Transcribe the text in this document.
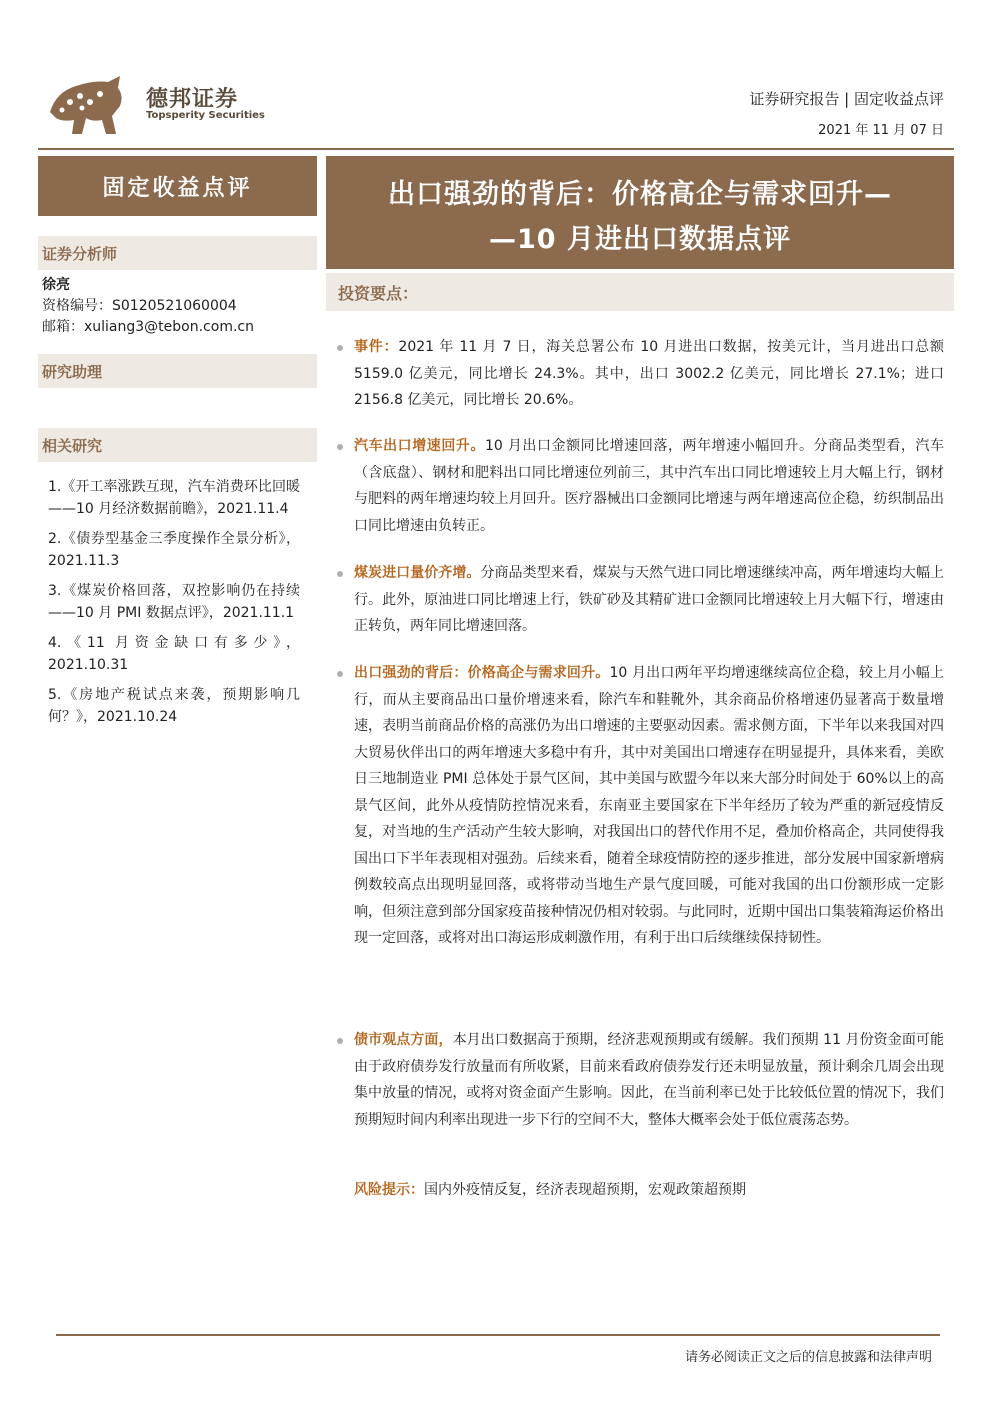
德邦证券
Topsperity Securities
证券研究报告 | 固定收益点评
2021 年 11 月 07 日
固定收益点评	出口强劲的背后：价格高企与需求回升—
—10 月进出口数据点评
证券分析师
徐亮
资格编号：S0120521060004
邮箱：xuliang3@tebon.com.cn
研究助理
相关研究
1.《开工率涨跌互现，汽车消费环比回暖——10 月经济数据前瞻》，2021.11.4
2.《债券型基金三季度操作全景分析》，2021.11.3
3.《煤炭价格回落，双控影响仍在持续——10 月 PMI 数据点评》，2021.11.1
4.《11 月资金缺口有多少》，2021.10.31
5.《房地产税试点来袭，预期影响几何？》，2021.10.24
投资要点：
事件：2021 年 11 月 7 日，海关总署公布 10 月进出口数据，按美元计，当月进出口总额 5159.0 亿美元，同比增长 24.3%。其中，出口 3002.2 亿美元，同比增长 27.1%；进口 2156.8 亿美元，同比增长 20.6%。
汽车出口增速回升。10 月出口金额同比增速回落，两年增速小幅回升。分商品类型看，汽车（含底盘）、钢材和肥料出口同比增速位列前三，其中汽车出口同比增速较上月大幅上行，钢材与肥料的两年增速均较上月回升。医疗器械出口金额同比增速与两年增速高位企稳，纺织制品出口同比增速由负转正。
煤炭进口量价齐增。分商品类型来看，煤炭与天然气进口同比增速继续冲高，两年增速均大幅上行。此外，原油进口同比增速上行，铁矿砂及其精矿进口金额同比增速较上月大幅下行，增速由正转负，两年同比增速回落。
出口强劲的背后：价格高企与需求回升。10 月出口两年平均增速继续高位企稳，较上月小幅上行，而从主要商品出口量价增速来看，除汽车和鞋靴外，其余商品价格增速仍显著高于数量增速，表明当前商品价格的高涨仍为出口增速的主要驱动因素。需求侧方面，下半年以来我国对四大贸易伙伴出口的两年增速大多稳中有升，其中对美国出口增速存在明显提升，具体来看，美欧日三地制造业 PMI 总体处于景气区间，其中美国与欧盟今年以来大部分时间处于 60%以上的高景气区间，此外从疫情防控情况来看，东南亚主要国家在下半年经历了较为严重的新冠疫情反复，对当地的生产活动产生较大影响，对我国出口的替代作用不足，叠加价格高企，共同使得我国出口下半年表现相对强劲。后续来看，随着全球疫情防控的逐步推进，部分发展中国家新增病例数较高点出现明显回落，或将带动当地生产景气度回暖，可能对我国的出口份额形成一定影响，但须注意到部分国家疫苗接种情况仍相对较弱。与此同时，近期中国出口集装箱海运价格出现一定回落，或将对出口海运形成刺激作用，有利于出口后续继续保持韧性。
债市观点方面，本月出口数据高于预期，经济悲观预期或有缓解。我们预期 11 月份资金面可能由于政府债券发行放量而有所收紧，目前来看政府债券发行还未明显放量，预计剩余几周会出现集中放量的情况，或将对资金面产生影响。因此，在当前利率已处于比较低位置的情况下，我们预期短时间内利率出现进一步下行的空间不大，整体大概率会处于低位震荡态势。
风险提示：国内外疫情反复，经济表现超预期，宏观政策超预期
请务必阅读正文之后的信息披露和法律声明
